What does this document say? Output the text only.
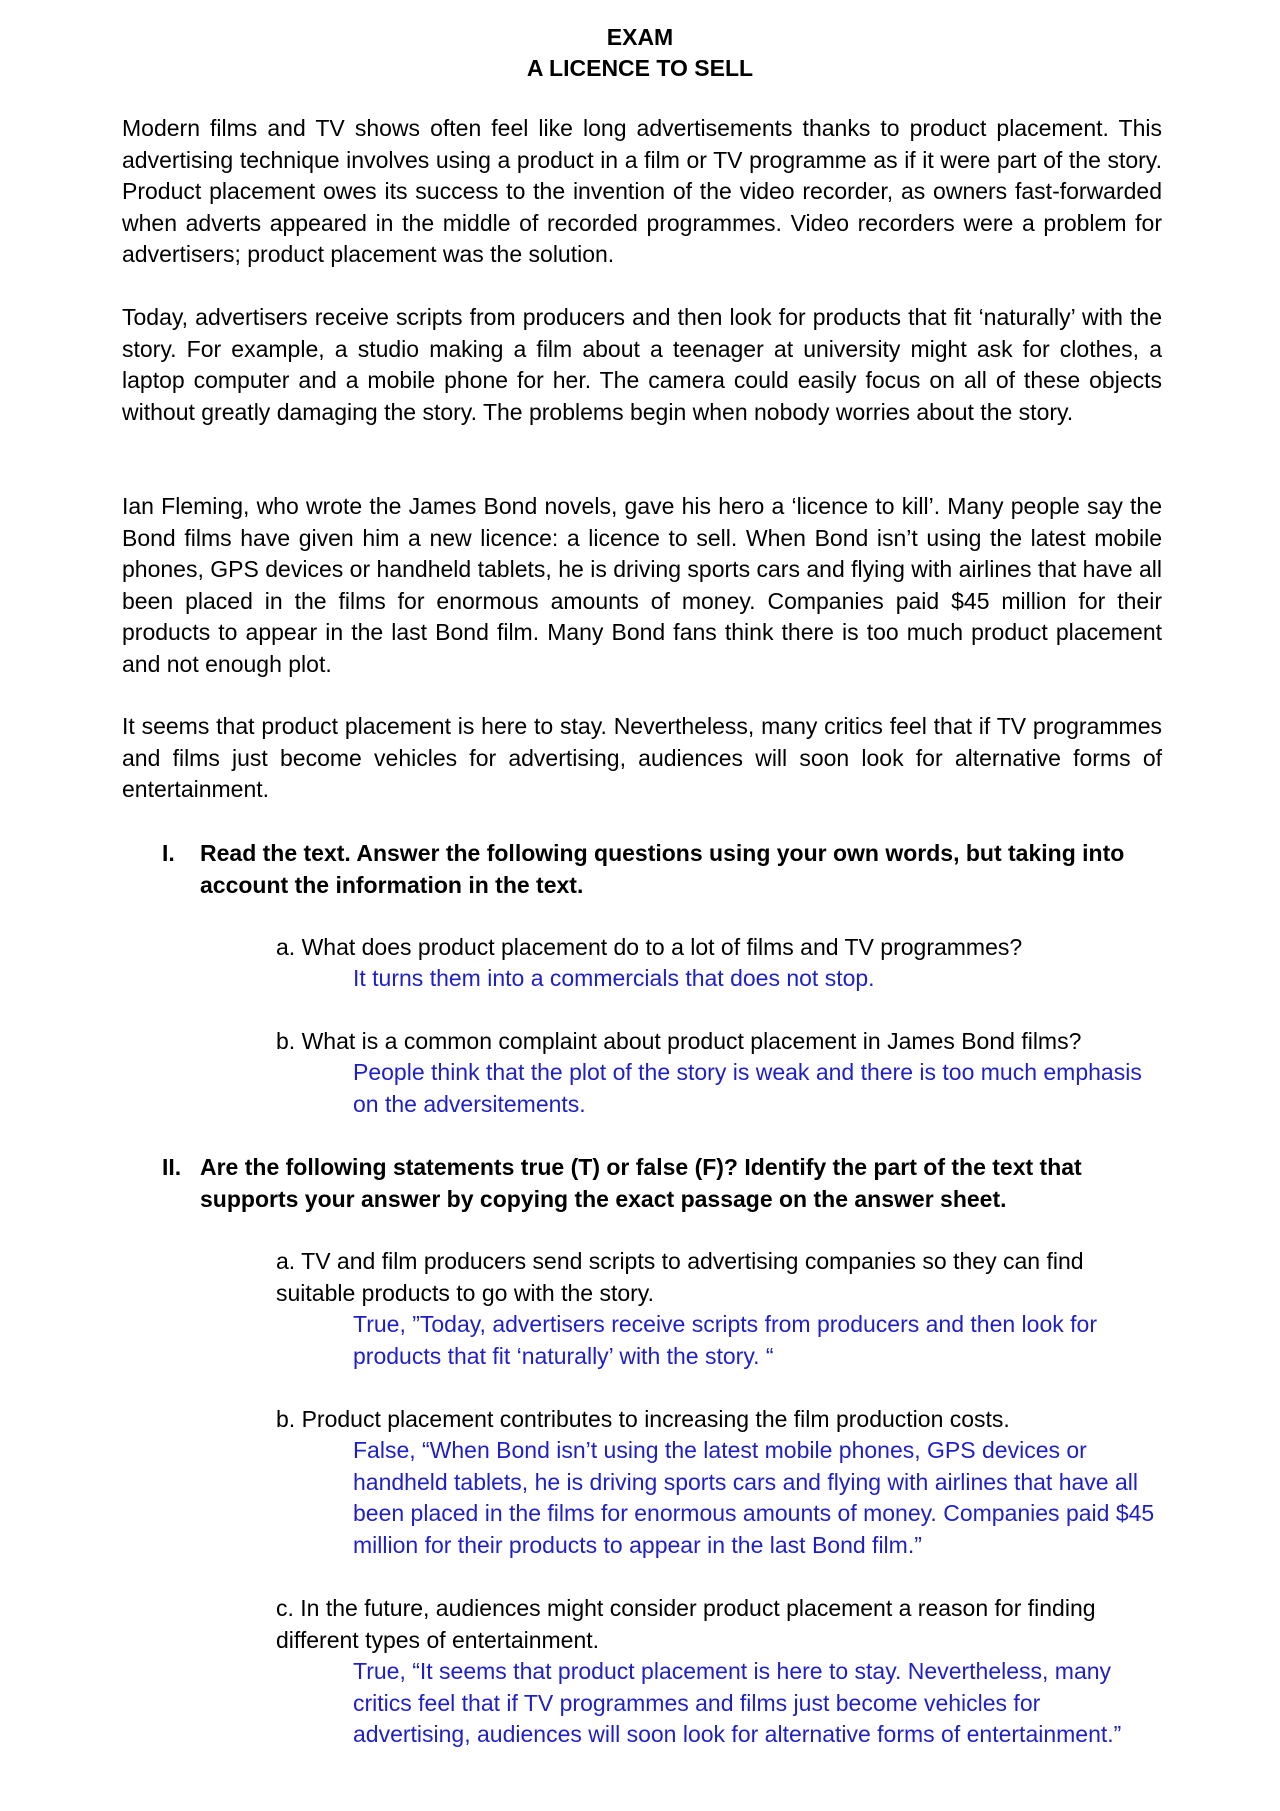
EXAM
A LICENCE TO SELL

Modern films and TV shows often feel like long advertisements thanks to product placement. This advertising technique involves using a product in a film or TV programme as if it were part of the story. Product placement owes its success to the invention of the video recorder, as owners fast-forwarded when adverts appeared in the middle of recorded programmes. Video recorders were a problem for advertisers; product placement was the solution.

Today, advertisers receive scripts from producers and then look for products that fit ‘naturally’ with the story. For example, a studio making a film about a teenager at university might ask for clothes, a laptop computer and a mobile phone for her. The camera could easily focus on all of these objects without greatly damaging the story. The problems begin when nobody worries about the story.

Ian Fleming, who wrote the James Bond novels, gave his hero a ‘licence to kill’. Many people say the Bond films have given him a new licence: a licence to sell. When Bond isn’t using the latest mobile phones, GPS devices or handheld tablets, he is driving sports cars and flying with airlines that have all been placed in the films for enormous amounts of money. Companies paid $45 million for their products to appear in the last Bond film. Many Bond fans think there is too much product placement and not enough plot.

It seems that product placement is here to stay. Nevertheless, many critics feel that if TV programmes and films just become vehicles for advertising, audiences will soon look for alternative forms of entertainment.

I. Read the text. Answer the following questions using your own words, but taking into account the information in the text.
a. What does product placement do to a lot of films and TV programmes?
It turns them into a commercials that does not stop.
b. What is a common complaint about product placement in James Bond films?
People think that the plot of the story is weak and there is too much emphasis on the adversitements.
II. Are the following statements true (T) or false (F)? Identify the part of the text that supports your answer by copying the exact passage on the answer sheet.
a. TV and film producers send scripts to advertising companies so they can find suitable products to go with the story.
True, ”Today, advertisers receive scripts from producers and then look for products that fit ‘naturally’ with the story. “
b. Product placement contributes to increasing the film production costs.
False, “When Bond isn’t using the latest mobile phones, GPS devices or handheld tablets, he is driving sports cars and flying with airlines that have all been placed in the films for enormous amounts of money. Companies paid $45 million for their products to appear in the last Bond film.”
c. In the future, audiences might consider product placement a reason for finding different types of entertainment.
True, “It seems that product placement is here to stay. Nevertheless, many critics feel that if TV programmes and films just become vehicles for advertising, audiences will soon look for alternative forms of entertainment.”
